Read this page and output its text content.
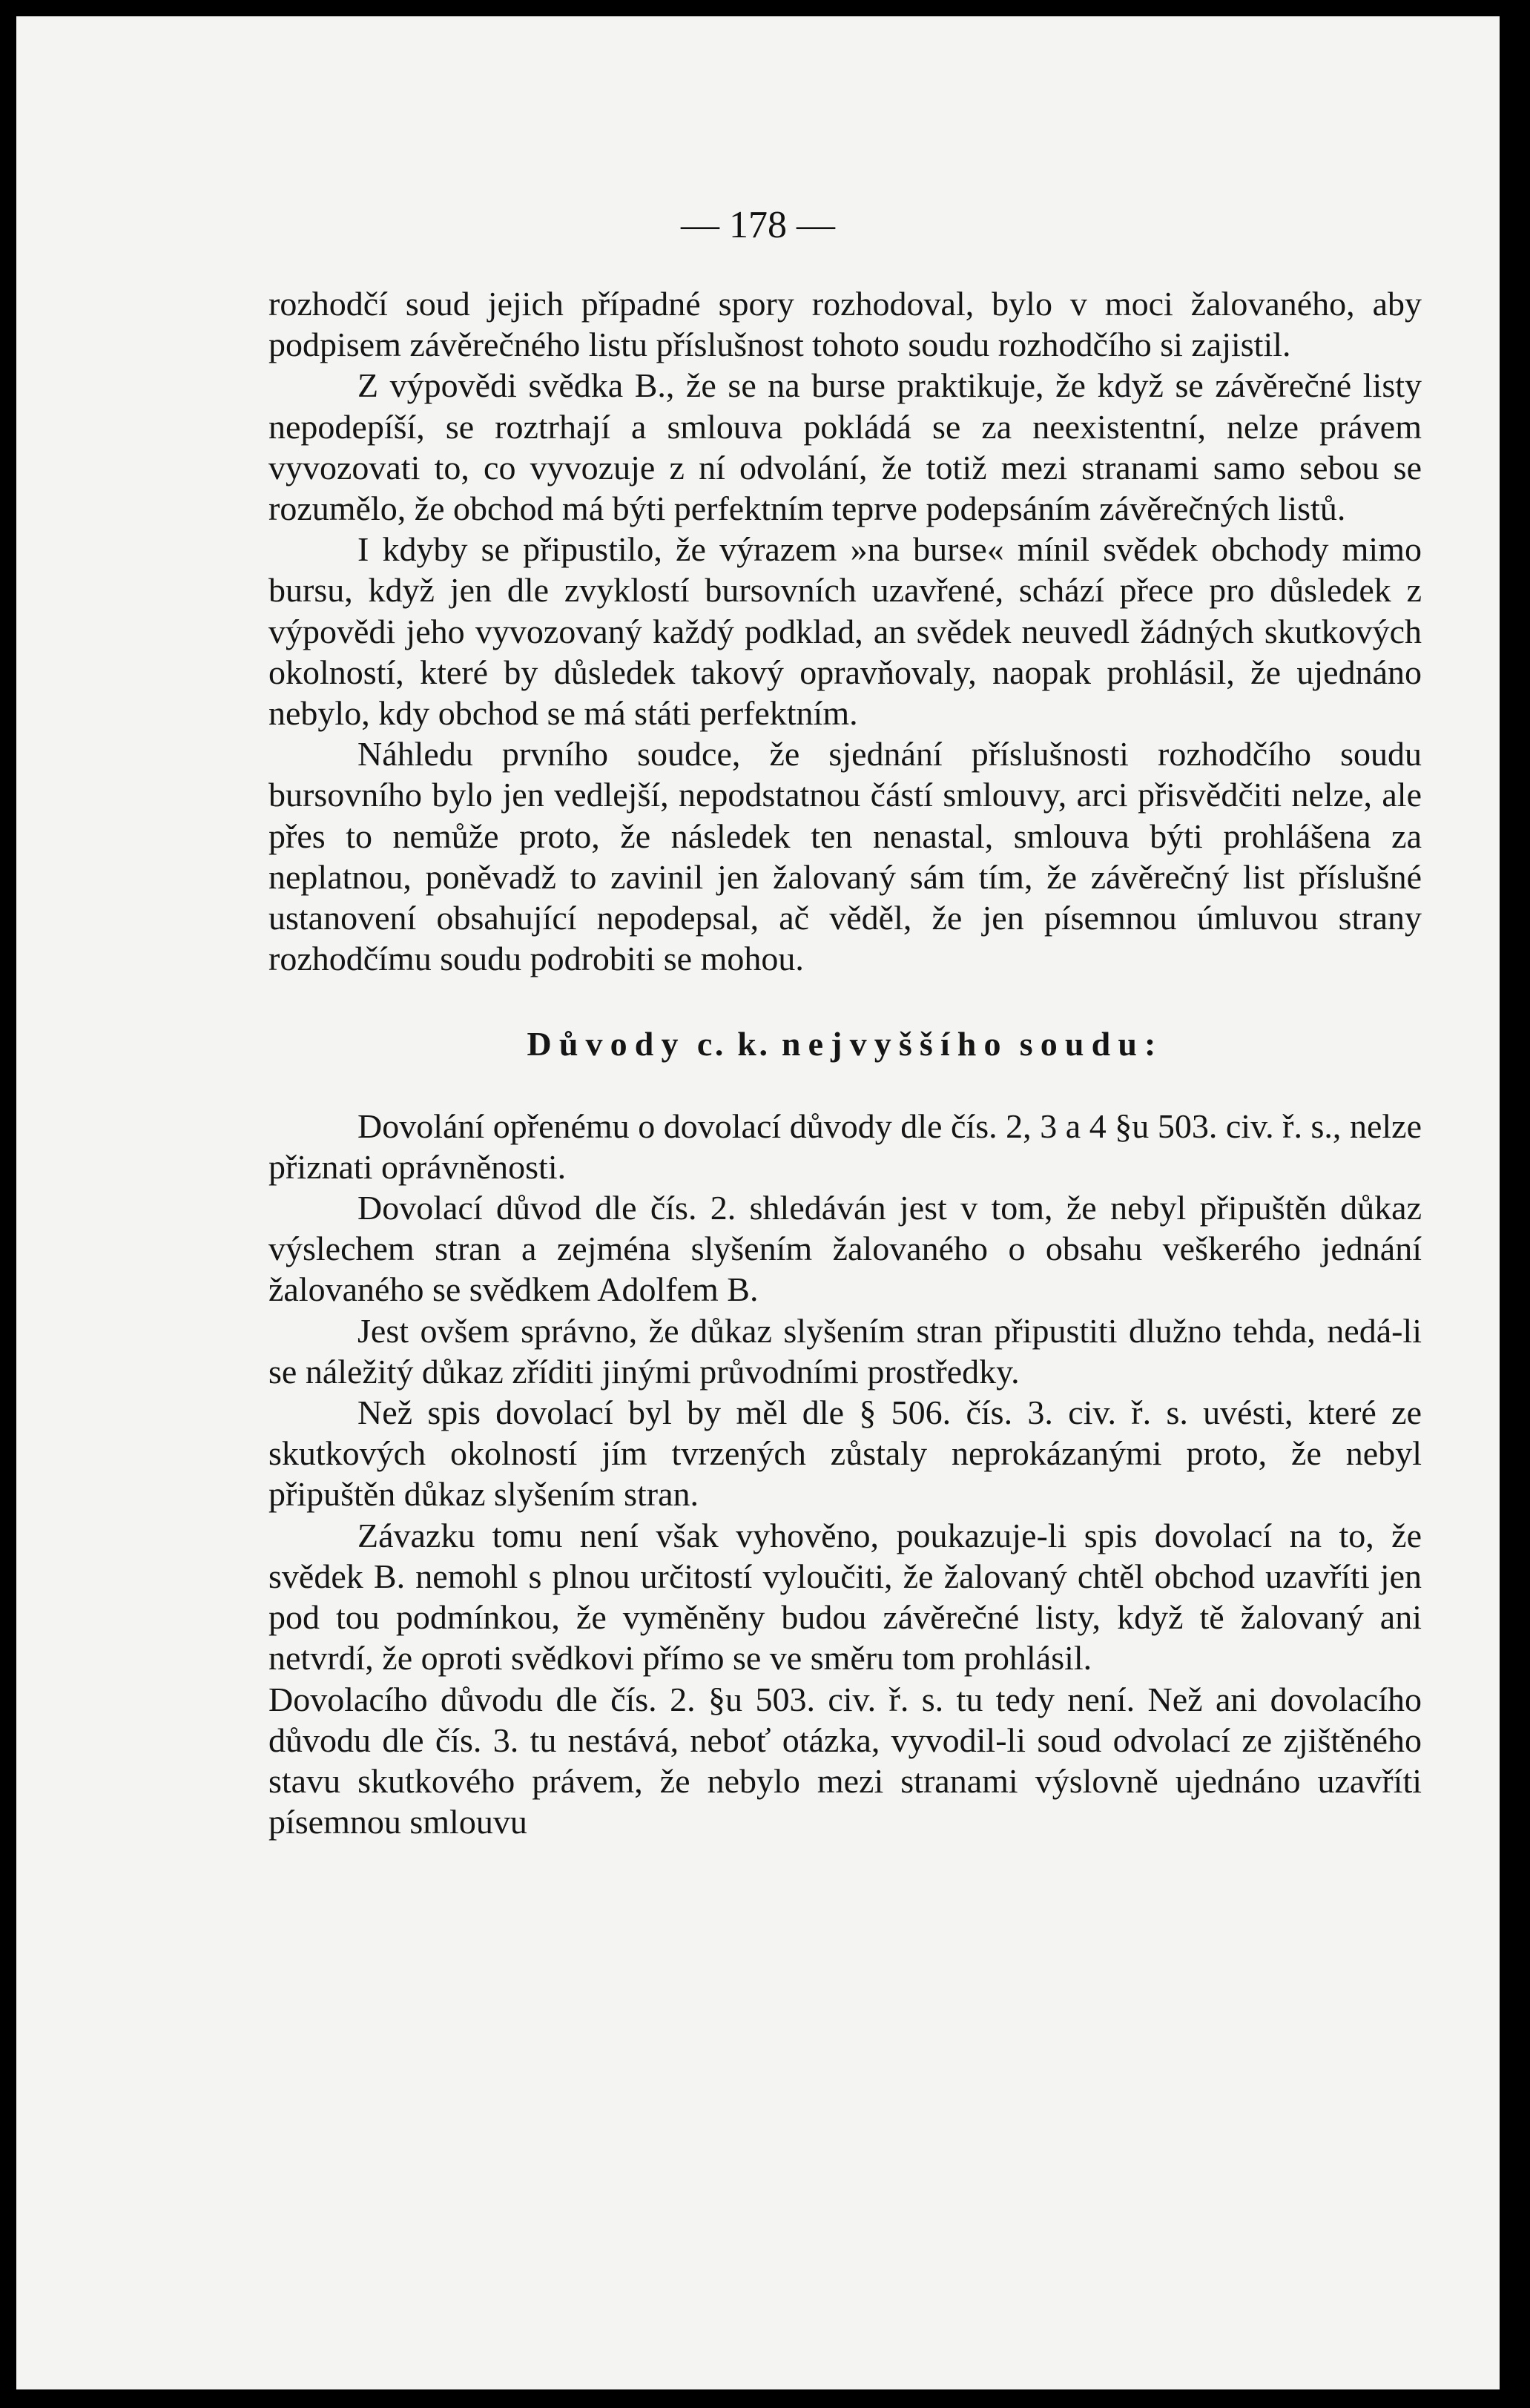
— 178 —

rozhodčí soud jejich případné spory rozhodoval, bylo v moci žalovaného, aby podpisem závěrečného listu příslušnost tohoto soudu rozhodčího si zajistil.

Z výpovědi svědka B., že se na burse praktikuje, že když se závěrečné listy nepodepíší, se roztrhají a smlouva pokládá se za neexistentní, nelze právem vyvozovati to, co vyvozuje z ní odvolání, že totiž mezi stranami samo sebou se rozumělo, že obchod má býti perfektním teprve podepsáním závěrečných listů.

I kdyby se připustilo, že výrazem »na burse« mínil svědek obchody mimo bursu, když jen dle zvyklostí bursovních uzavřené, schází přece pro důsledek z výpovědi jeho vyvozovaný každý podklad, an svědek neuvedl žádných skutkových okolností, které by důsledek takový opravňovaly, naopak prohlásil, že ujednáno nebylo, kdy obchod se má státi perfektním.

Náhledu prvního soudce, že sjednání příslušnosti rozhodčího soudu bursovního bylo jen vedlejší, nepodstatnou částí smlouvy, arci přisvědčiti nelze, ale přes to nemůže proto, že následek ten nenastal, smlouva býti prohlášena za neplatnou, poněvadž to zavinil jen žalovaný sám tím, že závěrečný list příslušné ustanovení obsahující nepodepsal, ač věděl, že jen písemnou úmluvou strany rozhodčímu soudu podrobiti se mohou.

Důvody c. k. nejvyššího soudu:

Dovolání opřenému o dovolací důvody dle čís. 2, 3 a 4 §u 503. civ. ř. s., nelze přiznati oprávněnosti.

Dovolací důvod dle čís. 2. shledáván jest v tom, že nebyl připuštěn důkaz výslechem stran a zejména slyšením žalovaného o obsahu veškerého jednání žalovaného se svědkem Adolfem B.

Jest ovšem správno, že důkaz slyšením stran připustiti dlužno tehda, nedá-li se náležitý důkaz zříditi jinými průvodními prostředky.

Než spis dovolací byl by měl dle § 506. čís. 3. civ. ř. s. uvésti, které ze skutkových okolností jím tvrzených zůstaly neprokázanými proto, že nebyl připuštěn důkaz slyšením stran.

Závazku tomu není však vyhověno, poukazuje-li spis dovolací na to, že svědek B. nemohl s plnou určitostí vyloučiti, že žalovaný chtěl obchod uzavříti jen pod tou podmínkou, že vyměněny budou závěrečné listy, když tě žalovaný ani netvrdí, že oproti svědkovi přímo se ve směru tom prohlásil.

Dovolacího důvodu dle čís. 2. §u 503. civ. ř. s. tu tedy není. Než ani dovolacího důvodu dle čís. 3. tu nestává, neboť otázka, vyvodil-li soud odvolací ze zjištěného stavu skutkového právem, že nebylo mezi stranami výslovně ujednáno uzavříti písemnou smlouvu
